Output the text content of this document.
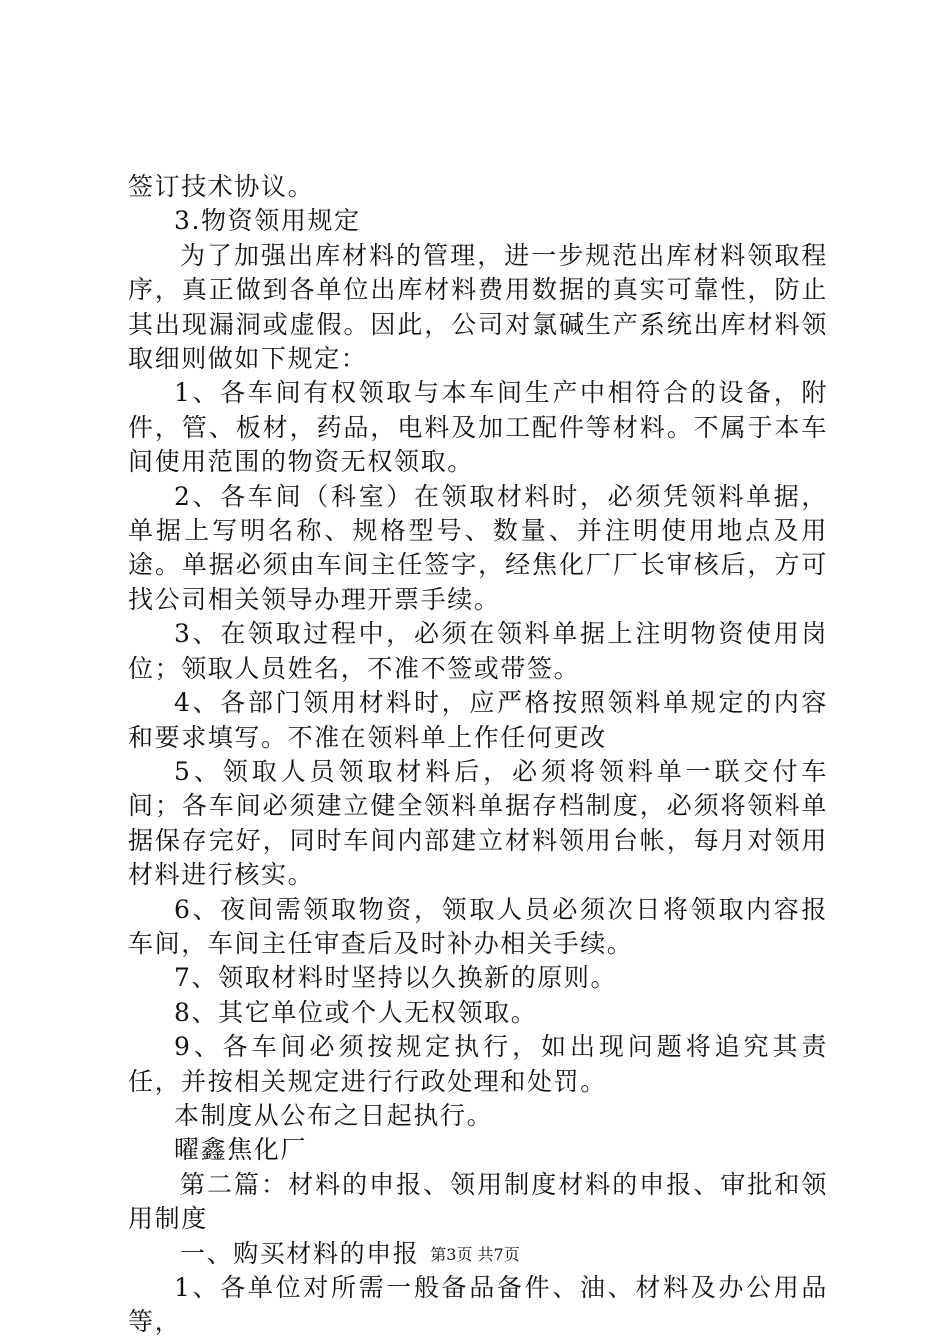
签订技术协议。

3.物资领用规定

为了加强出库材料的管理，进一步规范出库材料领取程序，真正做到各单位出库材料费用数据的真实可靠性，防止其出现漏洞或虚假。因此，公司对氯碱生产系统出库材料领取细则做如下规定：

1、各车间有权领取与本车间生产中相符合的设备，附件，管、板材，药品，电料及加工配件等材料。不属于本车间使用范围的物资无权领取。

2、各车间（科室）在领取材料时，必须凭领料单据，单据上写明名称、规格型号、数量、并注明使用地点及用途。单据必须由车间主任签字，经焦化厂厂长审核后，方可找公司相关领导办理开票手续。

3、在领取过程中，必须在领料单据上注明物资使用岗位；领取人员姓名，不准不签或带签。

4、各部门领用材料时，应严格按照领料单规定的内容和要求填写。不准在领料单上作任何更改

5、领取人员领取材料后，必须将领料单一联交付车间；各车间必须建立健全领料单据存档制度，必须将领料单据保存完好，同时车间内部建立材料领用台帐，每月对领用材料进行核实。

6、夜间需领取物资，领取人员必须次日将领取内容报车间，车间主任审查后及时补办相关手续。

7、领取材料时坚持以久换新的原则。

8、其它单位或个人无权领取。

9、各车间必须按规定执行，如出现问题将追究其责任，并按相关规定进行行政处理和处罚。

本制度从公布之日起执行。

曜鑫焦化厂

第二篇：材料的申报、领用制度材料的申报、审批和领用制度

一、购买材料的申报

1、各单位对所需一般备品备件、油、材料及办公用品等，

第3页 共7页
